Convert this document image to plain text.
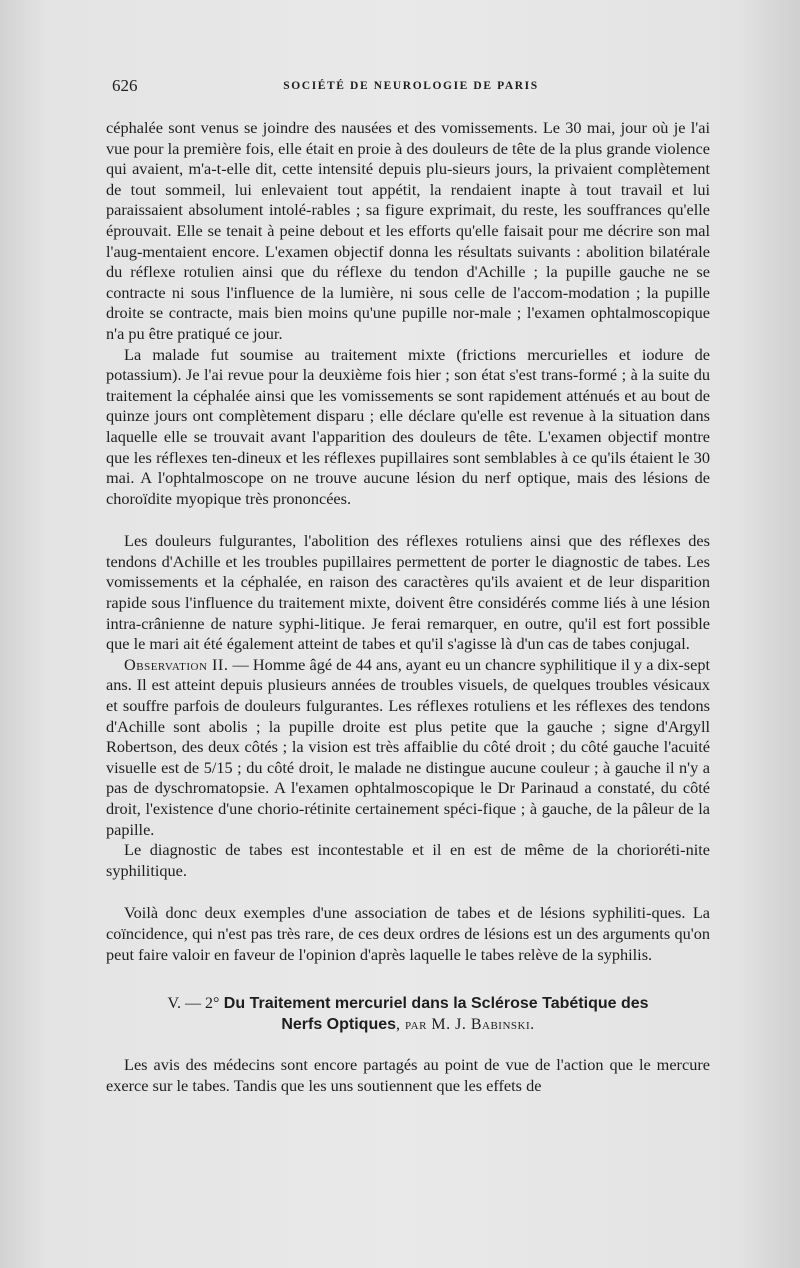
626	SOCIÉTÉ DE NEUROLOGIE DE PARIS

céphalée sont venus se joindre des nausées et des vomissements. Le 30 mai, jour où je l'ai vue pour la première fois, elle était en proie à des douleurs de tête de la plus grande violence qui avaient, m'a-t-elle dit, cette intensité depuis plu-sieurs jours, la privaient complètement de tout sommeil, lui enlevaient tout appétit, la rendaient inapte à tout travail et lui paraissaient absolument intolé-rables ; sa figure exprimait, du reste, les souffrances qu'elle éprouvait. Elle se tenait à peine debout et les efforts qu'elle faisait pour me décrire son mal l'aug-mentaient encore. L'examen objectif donna les résultats suivants : abolition bilatérale du réflexe rotulien ainsi que du réflexe du tendon d'Achille ; la pupille gauche ne se contracte ni sous l'influence de la lumière, ni sous celle de l'accom-modation ; la pupille droite se contracte, mais bien moins qu'une pupille nor-male ; l'examen ophtalmoscopique n'a pu être pratiqué ce jour.

La malade fut soumise au traitement mixte (frictions mercurielles et iodure de potassium). Je l'ai revue pour la deuxième fois hier ; son état s'est trans-formé ; à la suite du traitement la céphalée ainsi que les vomissements se sont rapidement atténués et au bout de quinze jours ont complètement disparu ; elle déclare qu'elle est revenue à la situation dans laquelle elle se trouvait avant l'apparition des douleurs de tête. L'examen objectif montre que les réflexes ten-dineux et les réflexes pupillaires sont semblables à ce qu'ils étaient le 30 mai. A l'ophtalmoscope on ne trouve aucune lésion du nerf optique, mais des lésions de choroïdite myopique très prononcées.

Les douleurs fulgurantes, l'abolition des réflexes rotuliens ainsi que des réflexes des tendons d'Achille et les troubles pupillaires permettent de porter le diagnostic de tabes. Les vomissements et la céphalée, en raison des caractères qu'ils avaient et de leur disparition rapide sous l'influence du traitement mixte, doivent être considérés comme liés à une lésion intra-crânienne de nature syphi-litique. Je ferai remarquer, en outre, qu'il est fort possible que le mari ait été également atteint de tabes et qu'il s'agisse là d'un cas de tabes conjugal.

Observation II. — Homme âgé de 44 ans, ayant eu un chancre syphilitique il y a dix-sept ans. Il est atteint depuis plusieurs années de troubles visuels, de quelques troubles vésicaux et souffre parfois de douleurs fulgurantes. Les réflexes rotuliens et les réflexes des tendons d'Achille sont abolis ; la pupille droite est plus petite que la gauche ; signe d'Argyll Robertson, des deux côtés ; la vision est très affaiblie du côté droit ; du côté gauche l'acuité visuelle est de 5/15 ; du côté droit, le malade ne distingue aucune couleur ; à gauche il n'y a pas de dyschromatopsie. A l'examen ophtalmoscopique le Dr Parinaud a constaté, du côté droit, l'existence d'une chorio-rétinite certainement spéci-fique ; à gauche, de la pâleur de la papille.

Le diagnostic de tabes est incontestable et il en est de même de la chorioréti-nite syphilitique.

Voilà donc deux exemples d'une association de tabes et de lésions syphiliti-ques. La coïncidence, qui n'est pas très rare, de ces deux ordres de lésions est un des arguments qu'on peut faire valoir en faveur de l'opinion d'après laquelle le tabes relève de la syphilis.

V. — 2° Du Traitement mercuriel dans la Sclérose Tabétique des
Nerfs Optiques, par M. J. Babinski.

Les avis des médecins sont encore partagés au point de vue de l'action que le mercure exerce sur le tabes. Tandis que les uns soutiennent que les effets de
